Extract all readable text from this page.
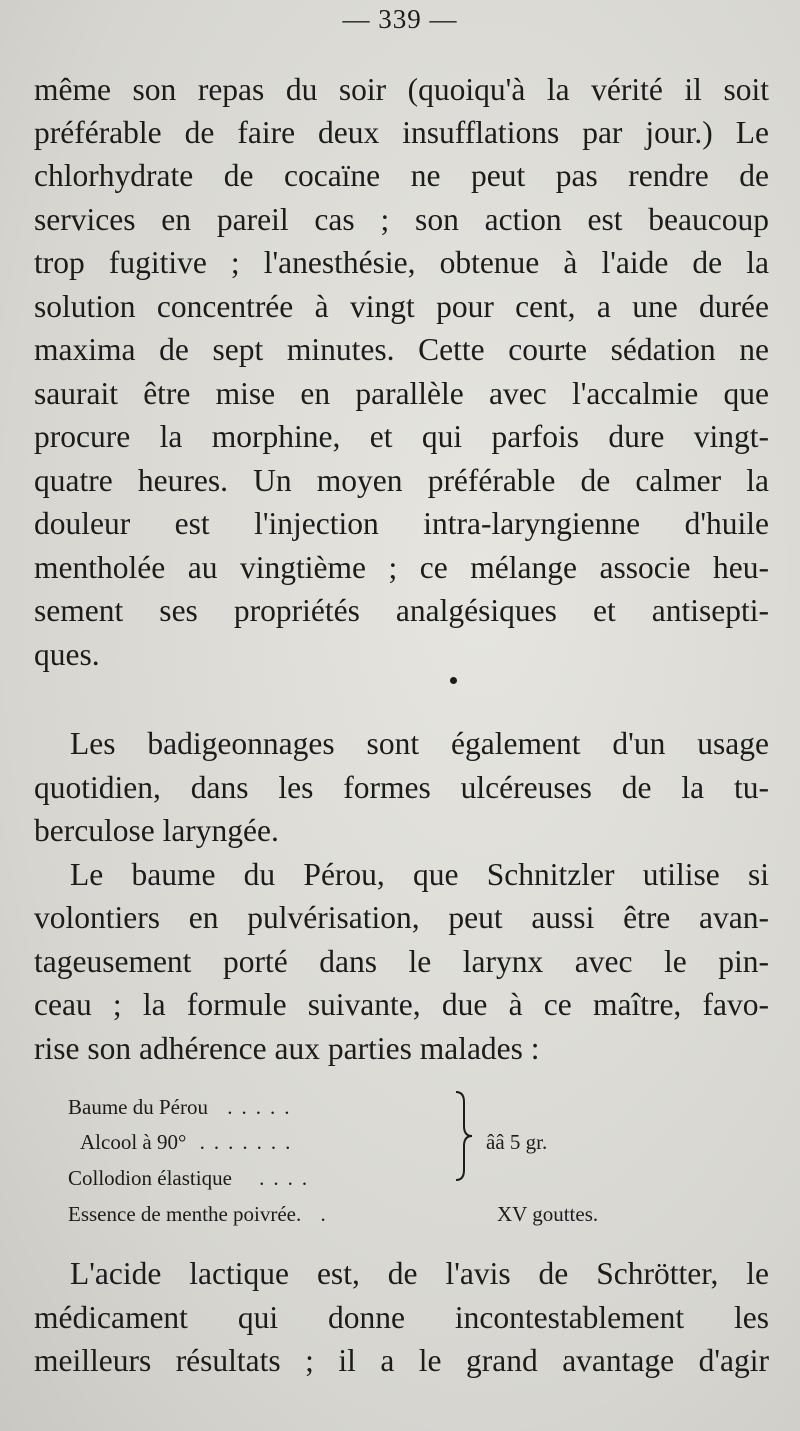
— 339 —
même son repas du soir (quoiqu'à la vérité il soit
préférable de faire deux insufflations par jour.) Le
chlorhydrate de cocaïne ne peut pas rendre de
services en pareil cas ; son action est beaucoup
trop fugitive ; l'anesthésie, obtenue à l'aide de la
solution concentrée à vingt pour cent, a une durée
maxima de sept minutes. Cette courte sédation ne
saurait être mise en parallèle avec l'accalmie que
procure la morphine, et qui parfois dure vingt-
quatre heures. Un moyen préférable de calmer la
douleur est l'injection intra-laryngienne d'huile
mentholée au vingtième ; ce mélange associe heu-
sement ses propriétés analgésiques et antisepti-
ques.
Les badigeonnages sont également d'un usage
quotidien, dans les formes ulcéreuses de la tu-
berculose laryngée.
Le baume du Pérou, que Schnitzler utilise si
volontiers en pulvérisation, peut aussi être avan-
tageusement porté dans le larynx avec le pin-
ceau ; la formule suivante, due à ce maître, favo-
rise son adhérence aux parties malades :
Baume du Pérou .....
Alcool à 90° .......
Collodion élastique ....
Essence de menthe poivrée. .
ââ 5 gr.
XV gouttes.
L'acide lactique est, de l'avis de Schrötter, le
médicament qui donne incontestablement les
meilleurs résultats ; il a le grand avantage d'agir
